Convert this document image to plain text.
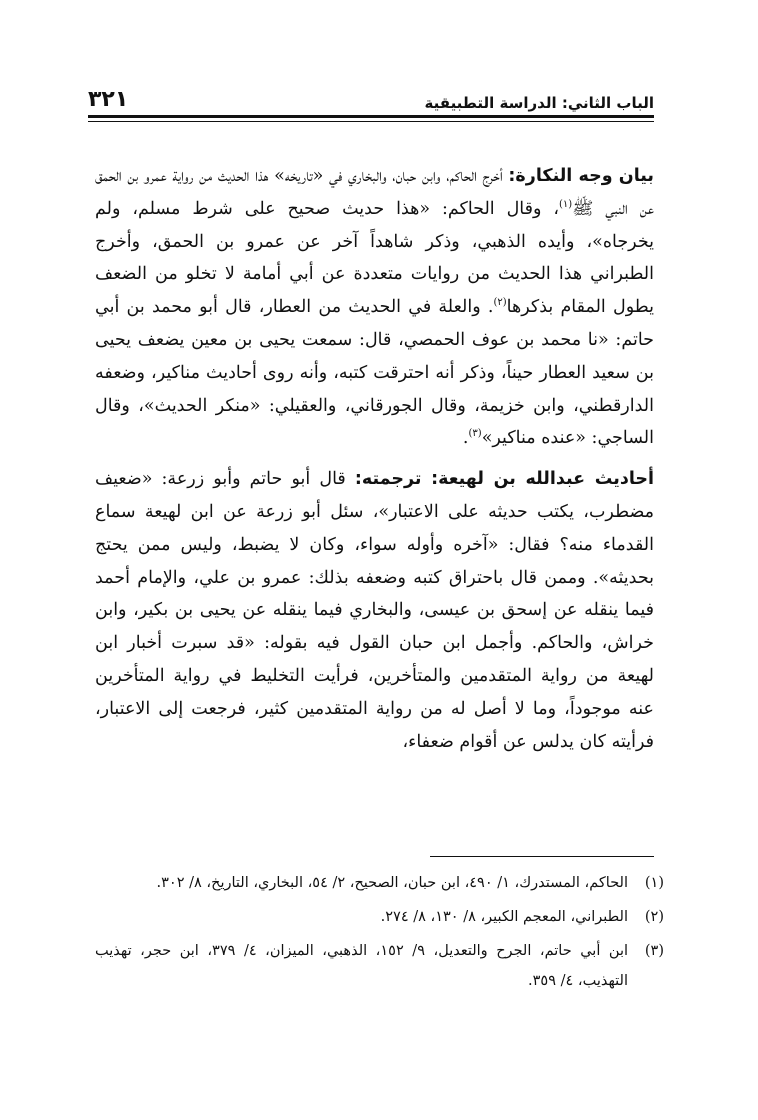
الباب الثاني: الدراسة التطبيقية
٣٢١

بيان وجه النكارة: أخرج الحاكم، وابن حبان، والبخاري في «تاريخه» هذا الحديث من رواية عمرو بن الحمق عن النبي ﷺ$^{(١)}$، وقال الحاكم: «هذا حديث صحيح على شرط مسلم، ولم يخرجاه»، وأيده الذهبي، وذكر شاهداً آخر عن عمرو بن الحمق، وأخرج الطبراني هذا الحديث من روايات متعددة عن أبي أمامة لا تخلو من الضعف يطول المقام بذكرها$^{(٢)}$. والعلة في الحديث من العطار، قال أبو محمد بن أبي حاتم: «نا محمد بن عوف الحمصي، قال: سمعت يحيى بن معين يضعف يحيى بن سعيد العطار حيناً، وذكر أنه احترقت كتبه، وأنه روى أحاديث مناكير، وضعفه الدارقطني، وابن خزيمة، وقال الجورقاني، والعقيلي: «منكر الحديث»، وقال الساجي: «عنده مناكير»$^{(٣)}$.

أحاديث عبدالله بن لهيعة: ترجمته: قال أبو حاتم وأبو زرعة: «ضعيف مضطرب، يكتب حديثه على الاعتبار»، سئل أبو زرعة عن ابن لهيعة سماع القدماء منه؟ فقال: «آخره وأوله سواء، وكان لا يضبط، وليس ممن يحتج بحديثه». وممن قال باحتراق كتبه وضعفه بذلك: عمرو بن علي، والإمام أحمد فيما ينقله عن إسحق بن عيسى، والبخاري فيما ينقله عن يحيى بن بكير، وابن خراش، والحاكم. وأجمل ابن حبان القول فيه بقوله: «قد سبرت أخبار ابن لهيعة من رواية المتقدمين والمتأخرين، فرأيت التخليط في رواية المتأخرين عنه موجوداً، وما لا أصل له من رواية المتقدمين كثير، فرجعت إلى الاعتبار، فرأيته كان يدلس عن أقوام ضعفاء،

(١)
الحاكم، المستدرك، ١/ ٤٩٠، ابن حبان، الصحيح، ٢/ ٥٤، البخاري، التاريخ، ٨/ ٣٠٢.
(٢)
الطبراني، المعجم الكبير، ٨/ ١٣٠، ٨/ ٢٧٤.
(٣)
ابن أبي حاتم، الجرح والتعديل، ٩/ ١٥٢، الذهبي، الميزان، ٤/ ٣٧٩، ابن حجر، تهذيب التهذيب، ٤/ ٣٥٩.
